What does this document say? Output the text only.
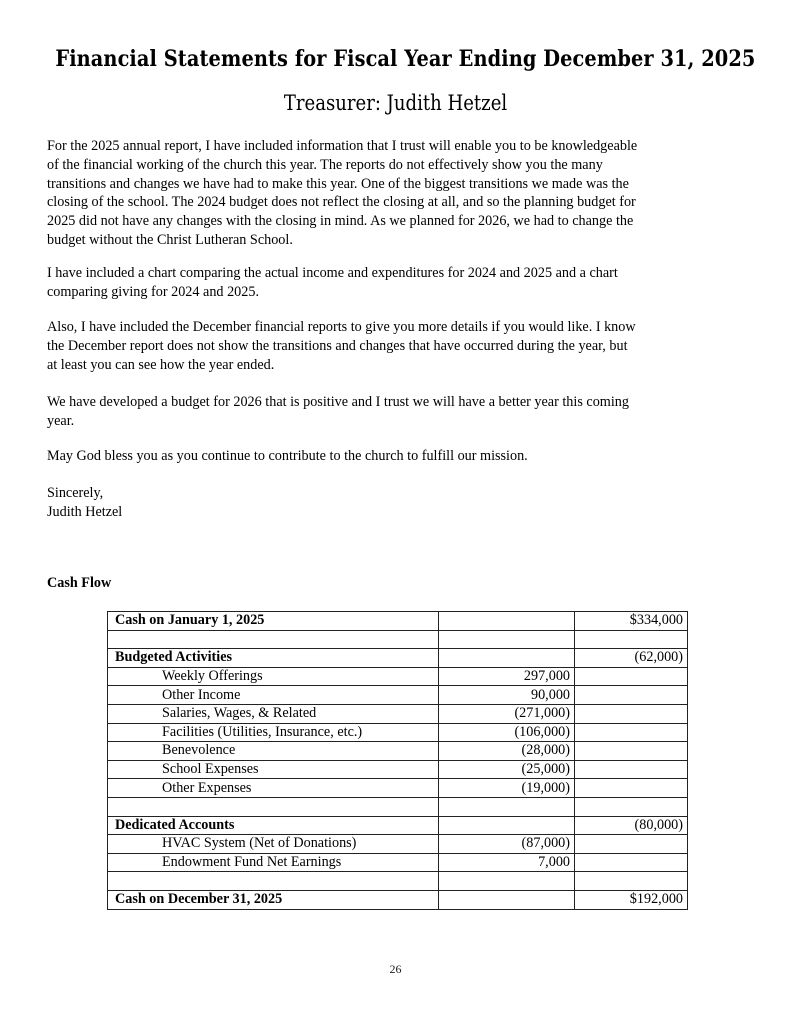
Financial Statements for Fiscal Year Ending December 31, 2025
Treasurer: Judith Hetzel
For the 2025 annual report, I have included information that I trust will enable you to be knowledgeable
of the financial working of the church this year. The reports do not effectively show you the many
transitions and changes we have had to make this year. One of the biggest transitions we made was the
closing of the school. The 2024 budget does not reflect the closing at all, and so the planning budget for
2025 did not have any changes with the closing in mind. As we planned for 2026, we had to change the
budget without the Christ Lutheran School.
I have included a chart comparing the actual income and expenditures for 2024 and 2025 and a chart
comparing giving for 2024 and 2025.
Also, I have included the December financial reports to give you more details if you would like. I know
the December report does not show the transitions and changes that have occurred during the year, but
at least you can see how the year ended.
We have developed a budget for 2026 that is positive and I trust we will have a better year this coming
year.
May God bless you as you continue to contribute to the church to fulfill our mission.
Sincerely,
Judith Hetzel
Cash Flow
Cash on January 1, 2025		$334,000

Budgeted Activities		(62,000)
Weekly Offerings	297,000	
Other Income	90,000	
Salaries, Wages, & Related	(271,000)	
Facilities (Utilities, Insurance, etc.)	(106,000)	
Benevolence	(28,000)	
School Expenses	(25,000)	
Other Expenses	(19,000)	

Dedicated Accounts		(80,000)
HVAC System (Net of Donations)	(87,000)	
Endowment Fund Net Earnings	7,000	

Cash on December 31, 2025		$192,000
26
